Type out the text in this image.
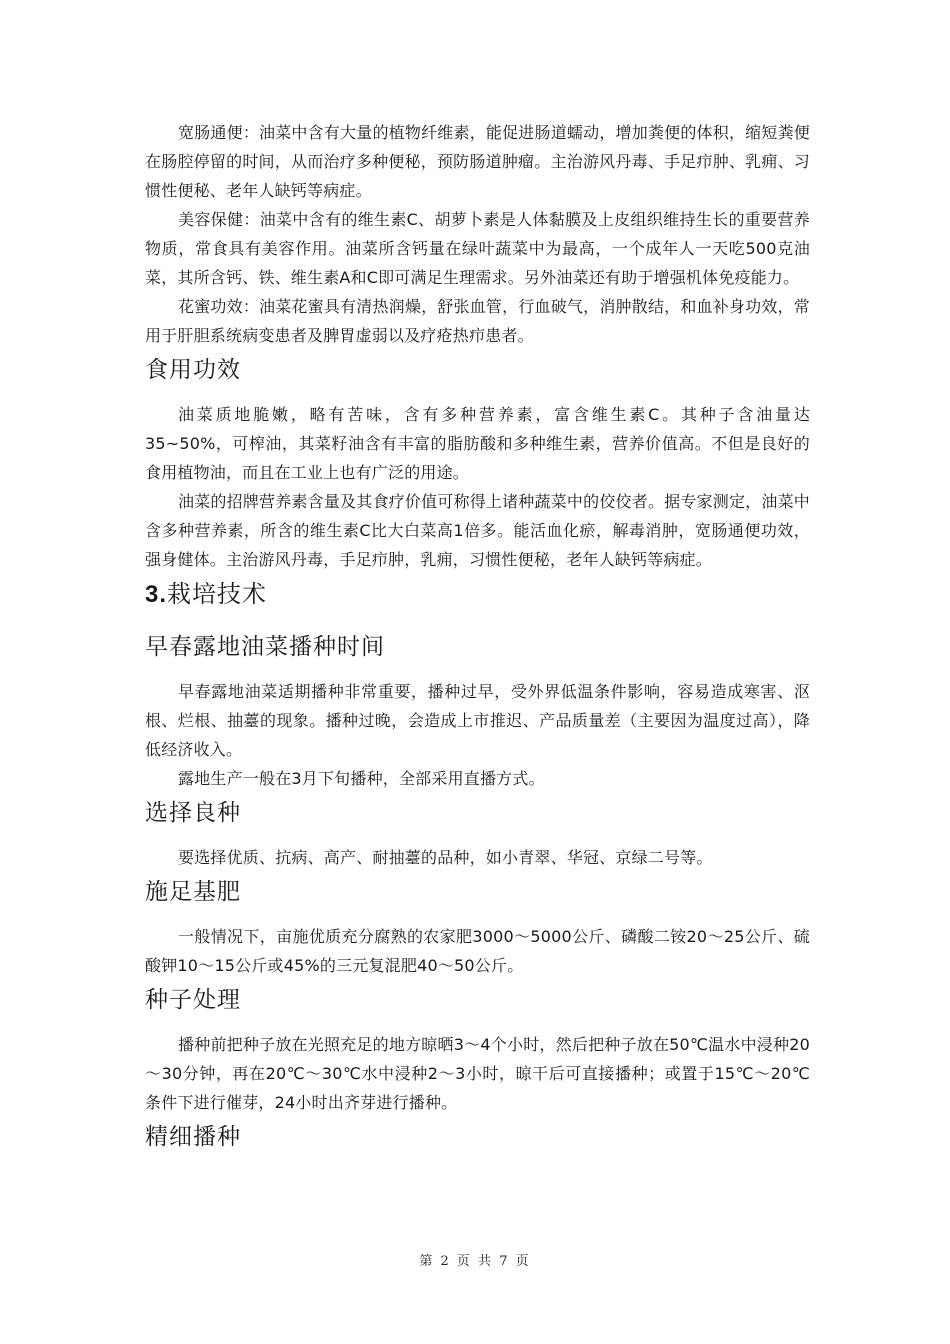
宽肠通便：油菜中含有大量的植物纤维素，能促进肠道蠕动，增加粪便的体积，缩短粪便在肠腔停留的时间，从而治疗多种便秘，预防肠道肿瘤。主治游风丹毒、手足疖肿、乳痈、习惯性便秘、老年人缺钙等病症。

美容保健：油菜中含有的维生素C、胡萝卜素是人体黏膜及上皮组织维持生长的重要营养物质，常食具有美容作用。油菜所含钙量在绿叶蔬菜中为最高，一个成年人一天吃500克油菜，其所含钙、铁、维生素A和C即可满足生理需求。另外油菜还有助于增强机体免疫能力。

花蜜功效：油菜花蜜具有清热润燥，舒张血管，行血破气，消肿散结，和血补身功效，常用于肝胆系统病变患者及脾胃虚弱以及疗疮热疖患者。

食用功效

油菜质地脆嫩，略有苦味，含有多种营养素，富含维生素C。其种子含油量达35~50%，可榨油，其菜籽油含有丰富的脂肪酸和多种维生素，营养价值高。不但是良好的食用植物油，而且在工业上也有广泛的用途。

油菜的招牌营养素含量及其食疗价值可称得上诸种蔬菜中的佼佼者。据专家测定，油菜中含多种营养素，所含的维生素C比大白菜高1倍多。能活血化瘀，解毒消肿，宽肠通便功效，强身健体。主治游风丹毒，手足疖肿，乳痈，习惯性便秘，老年人缺钙等病症。

3.栽培技术
早春露地油菜播种时间

早春露地油菜适期播种非常重要，播种过早，受外界低温条件影响，容易造成寒害、沤根、烂根、抽薹的现象。播种过晚，会造成上市推迟、产品质量差（主要因为温度过高），降低经济收入。

露地生产一般在3月下旬播种，全部采用直播方式。

选择良种

要选择优质、抗病、高产、耐抽薹的品种，如小青翠、华冠、京绿二号等。

施足基肥

一般情况下，亩施优质充分腐熟的农家肥3000～5000公斤、磷酸二铵20～25公斤、硫酸钾10～15公斤或45%的三元复混肥40～50公斤。

种子处理

播种前把种子放在光照充足的地方晾晒3～4个小时，然后把种子放在50℃温水中浸种20～30分钟，再在20℃～30℃水中浸种2～3小时，晾干后可直接播种；或置于15℃～20℃条件下进行催芽，24小时出齐芽进行播种。

精细播种
第 2 页 共 7 页
